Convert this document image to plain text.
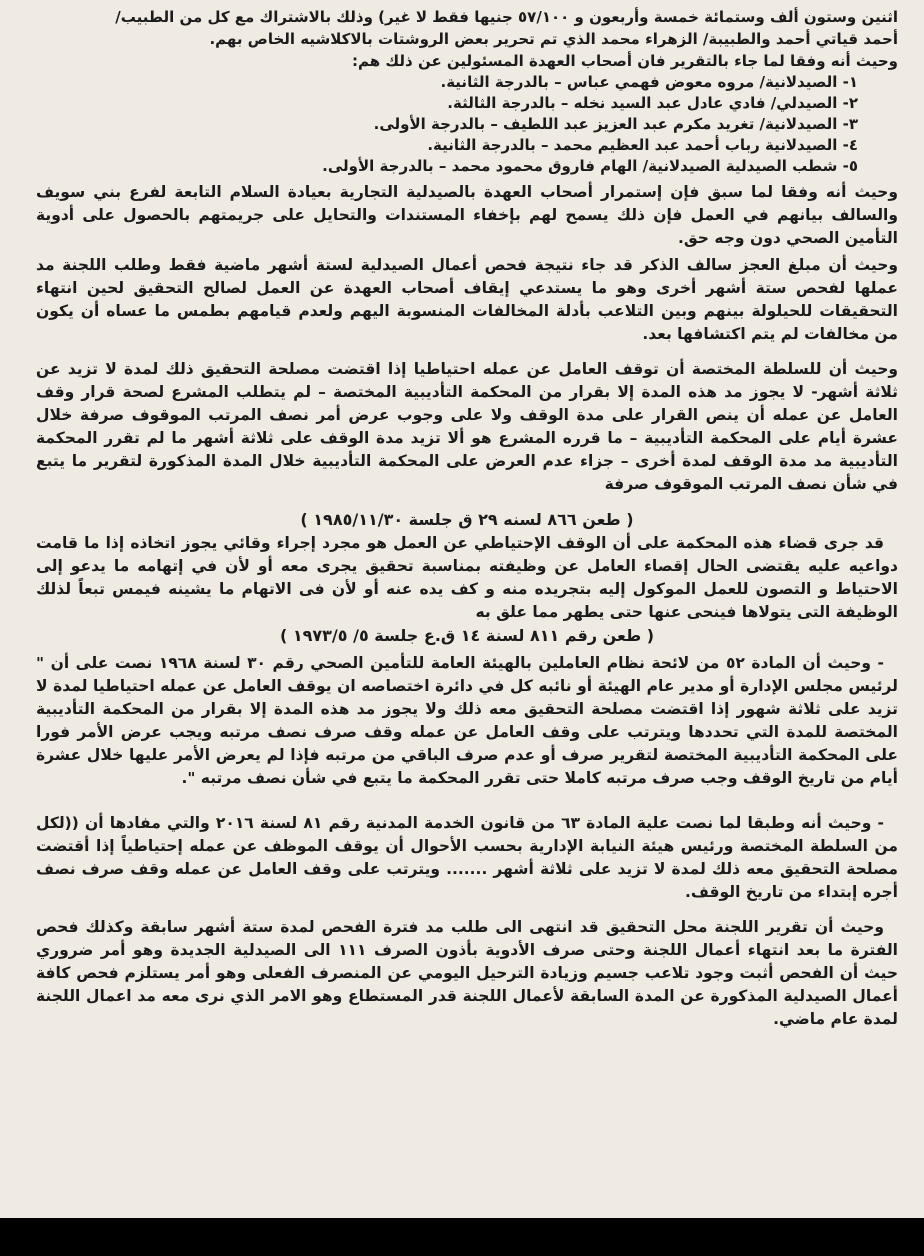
اثنين وستون ألف وستمائة خمسة وأربعون و ٥٧/١٠٠ جنيها فقط لا غير) وذلك بالاشتراك مع كل من الطبيب/

أحمد قياتي أحمد والطبيبة/ الزهراء محمد الذي تم تحرير بعض الروشتات بالاكلاشيه الخاص بهم.

وحيث أنه وفقا لما جاء بالتقرير فان أصحاب العهدة المسئولين عن ذلك هم:

١- الصيدلانية/ مروه معوض فهمي عباس – بالدرجة الثانية.
٢- الصيدلي/ فادي عادل عبد السيد نخله – بالدرجة الثالثة.
٣- الصيدلانية/ تغريد مكرم عبد العزيز عبد اللطيف – بالدرجة الأولى.
٤- الصيدلانية رباب أحمد عبد العظيم محمد – بالدرجة الثانية.
٥- شطب الصيدلية الصيدلانية/ الهام فاروق محمود محمد – بالدرجة الأولى.

وحيث أنه وفقا لما سبق فإن إستمرار أصحاب العهدة بالصيدلية التجارية بعيادة السلام التابعة لفرع بني سويف والسالف بيانهم في العمل فإن ذلك يسمح لهم بإخفاء المستندات والتحايل على جريمتهم بالحصول على أدوية التأمين الصحي دون وجه حق.

وحيث أن مبلغ العجز سالف الذكر قد جاء نتيجة فحص أعمال الصيدلية لستة أشهر ماضية فقط وطلب اللجنة مد عملها لفحص ستة أشهر أخرى وهو ما يستدعي إيقاف أصحاب العهدة عن العمل لصالح التحقيق لحين انتهاء التحقيقات للحيلولة بينهم وبين التلاعب بأدلة المخالفات المنسوبة اليهم ولعدم قيامهم بطمس ما عساه أن يكون من مخالفات لم يتم اكتشافها بعد.

وحيث أن للسلطة المختصة أن توقف العامل عن عمله احتياطيا إذا اقتضت مصلحة التحقيق ذلك لمدة لا تزيد عن ثلاثة أشهر- لا يجوز مد هذه المدة إلا بقرار من المحكمة التأديبية المختصة – لم يتطلب المشرع لصحة قرار وقف العامل عن عمله أن ينص القرار على مدة الوقف ولا على وجوب عرض أمر نصف المرتب الموقوف صرفة خلال عشرة أيام على المحكمة التأديبية – ما قرره المشرع هو ألا تزيد مدة الوقف على ثلاثة أشهر ما لم تقرر المحكمة التأديبية مد مدة الوقف لمدة أخرى – جزاء عدم العرض على المحكمة التأديبية خلال المدة المذكورة لتقرير ما يتبع في شأن نصف المرتب الموقوف صرفة

( طعن ٨٦٦ لسنه ٢٩ ق جلسة ١٩٨٥/١١/٣٠ )

قد جرى قضاء هذه المحكمة على أن الوقف الإحتياطي عن العمل هو مجرد إجراء وقائي يجوز اتخاذه إذا ما قامت دواعيه عليه يقتضى الحال إقصاء العامل عن وظيفته بمناسبة تحقيق يجرى معه أو لأن في إتهامه ما يدعو إلى الاحتياط و التصون للعمل الموكول إليه بتجريده منه و كف يده عنه أو لأن فى الاتهام ما يشينه فيمس تبعاً لذلك الوظيفة التى يتولاها فينحى عنها حتى يطهر مما علق به

( طعن رقم ٨١١ لسنة ١٤ ق.ع جلسة ٥/ ١٩٧٣/٥ )

- وحيث أن المادة ٥٢ من لائحة نظام العاملين بالهيئة العامة للتأمين الصحي رقم ٣٠ لسنة ١٩٦٨ نصت على أن " لرئيس مجلس الإدارة أو مدير عام الهيئة أو نائبه كل في دائرة اختصاصه ان يوقف العامل عن عمله احتياطيا لمدة لا تزيد على ثلاثة شهور إذا اقتضت مصلحة التحقيق معه ذلك ولا يجوز مد هذه المدة إلا بقرار من المحكمة التأديبية المختصة للمدة التي تحددها ويترتب على وقف العامل عن عمله وقف صرف نصف مرتبه ويجب عرض الأمر فورا على المحكمة التأديبية المختصة لتقرير صرف أو عدم صرف الباقي من مرتبه فإذا لم يعرض الأمر عليها خلال عشرة أيام من تاريخ الوقف وجب صرف مرتبه كاملا حتى تقرر المحكمة ما يتبع في شأن نصف مرتبه ".

- وحيث أنه وطبقا لما نصت علية المادة ٦٣ من قانون الخدمة المدنية رقم ٨١ لسنة ٢٠١٦ والتي مفادها أن ((لكل من السلطة المختصة ورئيس هيئة النيابة الإدارية بحسب الأحوال أن يوقف الموظف عن عمله إحتياطياً إذا أقتضت مصلحة التحقيق معه ذلك لمدة لا تزيد على ثلاثة أشهر ....... ويترتب على وقف العامل عن عمله وقف صرف نصف أجره إبتداء من تاريخ الوقف.

وحيث أن تقرير اللجنة محل التحقيق قد انتهى الى طلب مد فترة الفحص لمدة ستة أشهر سابقة وكذلك فحص الفترة ما بعد انتهاء أعمال اللجنة وحتى صرف الأدوية بأذون الصرف ١١١ الى الصيدلية الجديدة وهو أمر ضروري حيث أن الفحص أثبت وجود تلاعب جسيم وزيادة الترحيل اليومي عن المنصرف الفعلى وهو أمر يستلزم فحص كافة أعمال الصيدلية المذكورة عن المدة السابقة لأعمال اللجنة قدر المستطاع وهو الامر الذي نرى معه مد اعمال اللجنة لمدة عام ماضي.
